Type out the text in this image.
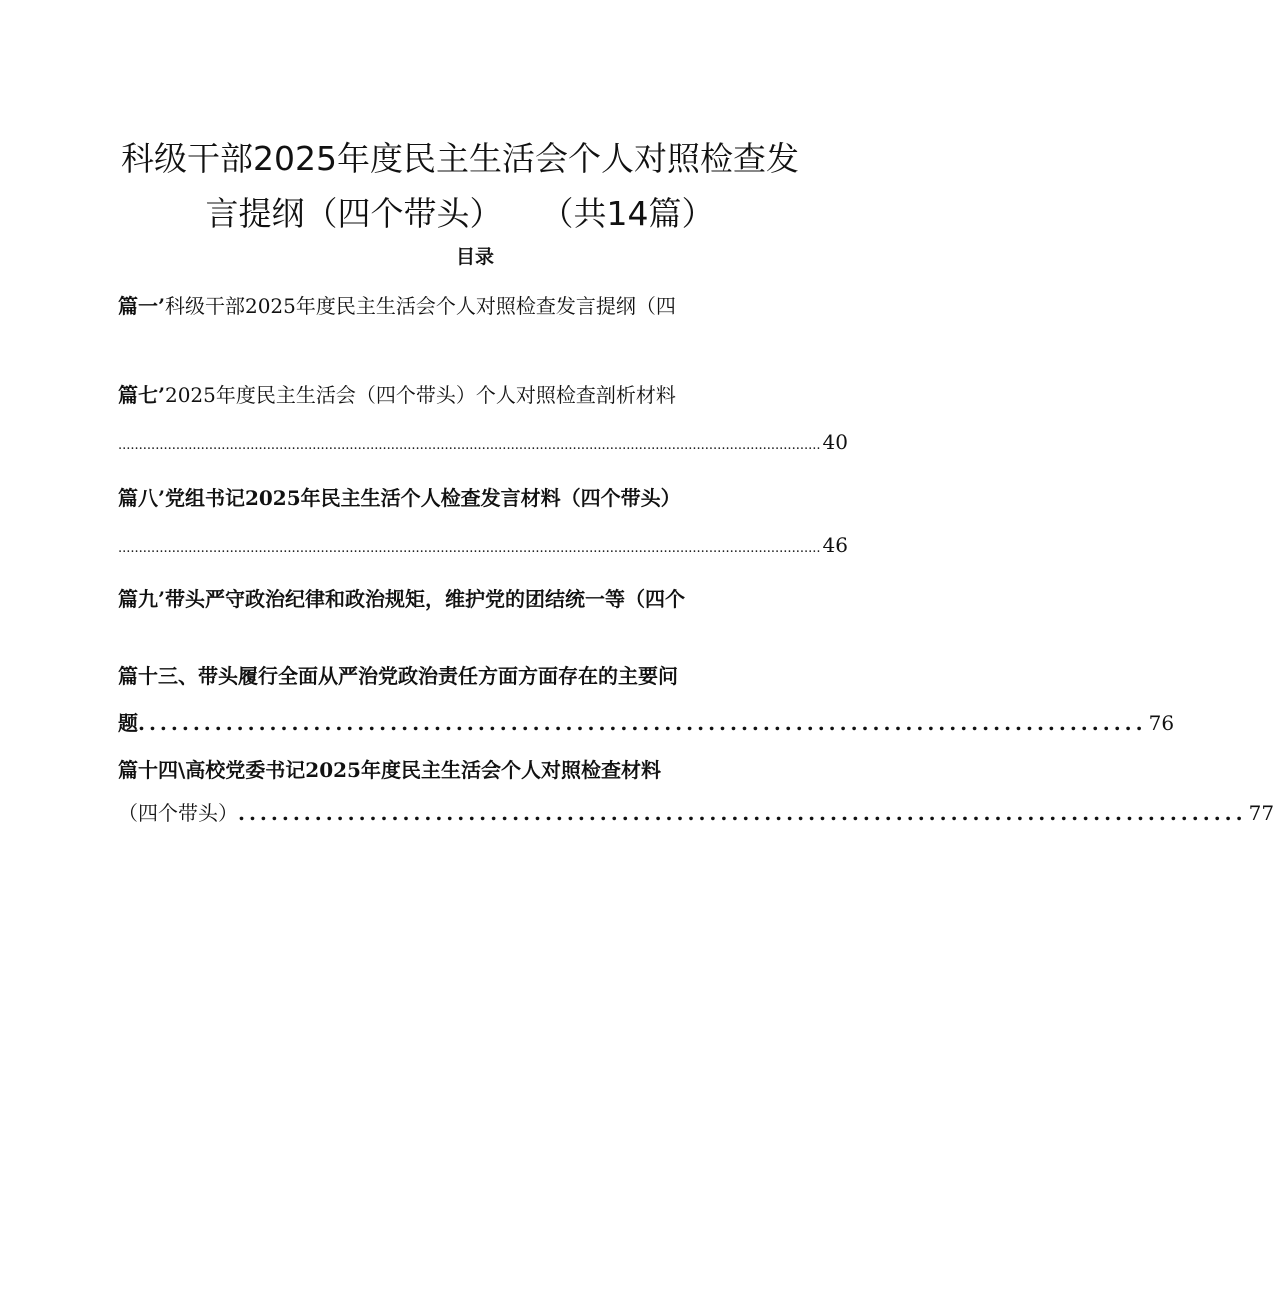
科级干部2025年度民主生活会个人对照检查发
言提纲（四个带头） （共14篇）
目录
篇一’科级干部2025年度民主生活会个人对照检查发言提纲（四
篇七’2025年度民主生活会（四个带头）个人对照检查剖析材料
.......................................................................................................................................................................... 40
篇八’党组书记2025年民主生活个人检查发言材料（四个带头）
.......................................................................................................................................................................... 46
篇九’带头严守政治纪律和政治规矩，维护党的团结统一等（四个
篇十三、带头履行全面从严治党政治责任方面方面存在的主要问
题 ............................................................................................ 76
篇十四\高校党委书记2025年度民主生活会个人对照检查材料
（四个带头） ............................................................................................ 77
